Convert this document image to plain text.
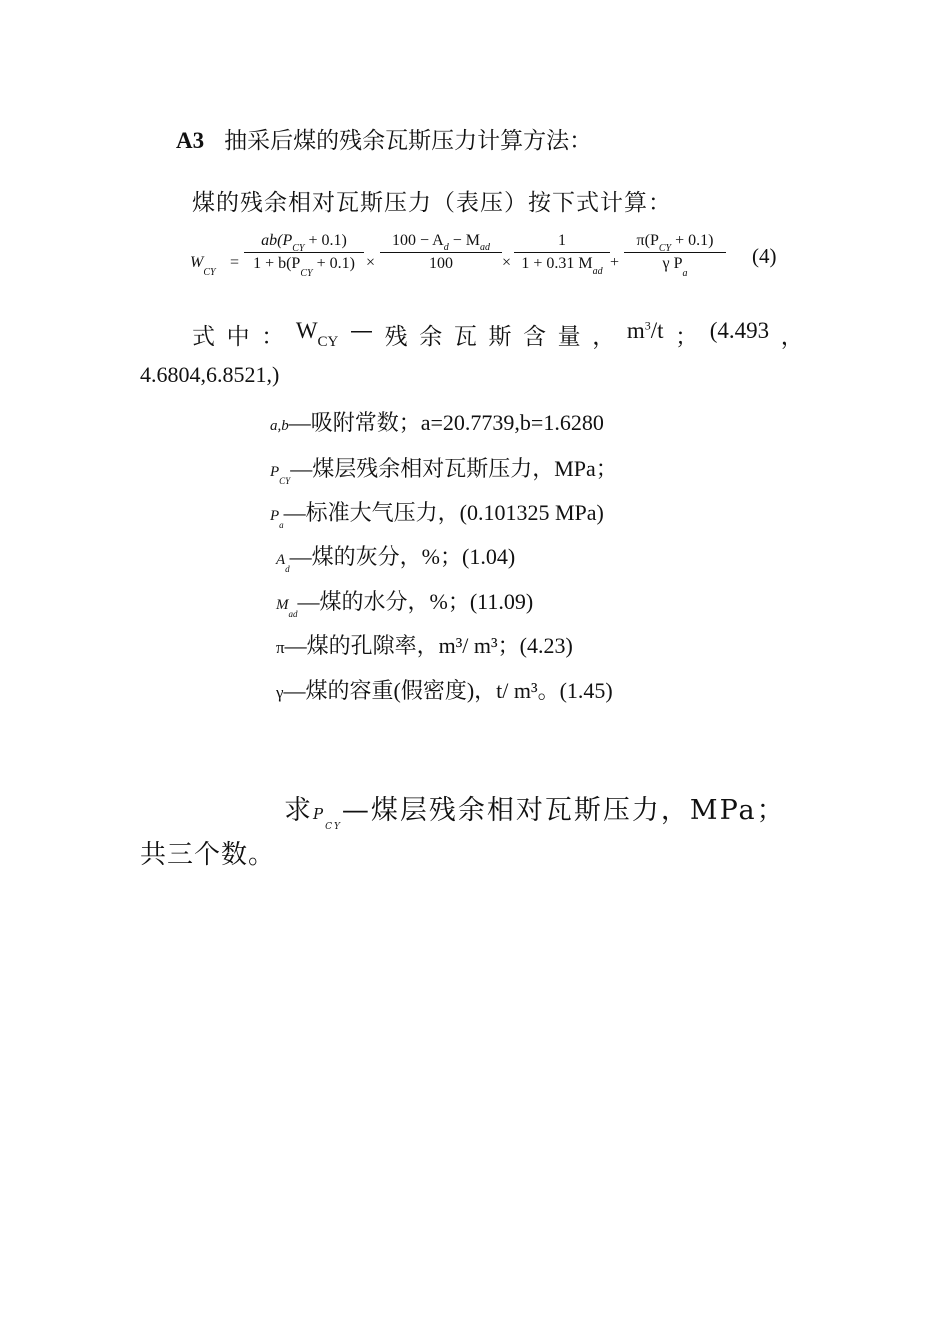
A3 抽采后煤的残余瓦斯压力计算方法：
煤的残余相对瓦斯压力（表压）按下式计算：
$W_{CY}$
=
$ab(P_{CY} + 0.1)$
$1 + b(P_{CY} + 0.1)$ ×
$100 - A_d - M_{ad}$
100	×
1
1 + 0.31 $M_{ad}$
+
$\pi(P_{CY} + 0.1)$
γ $P_a$
(4)
式 中 ： $W_{CY}$ — 残 余 瓦 斯 含 量 ， $m^3/t$ ； (4.493 ，
4.6804,6.8521,)
a,b—吸附常数；a=20.7739,b=1.6280
$P_{CY}—$煤层残余相对瓦斯压力，MPa；
$P_a—$标准大气压力，(0.101325 MPa)
$A_d—$煤的灰分，%；(1.04)
$M_{ad}—$煤的水分，%；(11.09)
π—煤的孔隙率，m³/ m³；(4.23)
γ—煤的容重(假密度)，t/ m³。(1.45)
求$P_{CY}—$煤层残余相对瓦斯压力，MPa；
共三个数。
